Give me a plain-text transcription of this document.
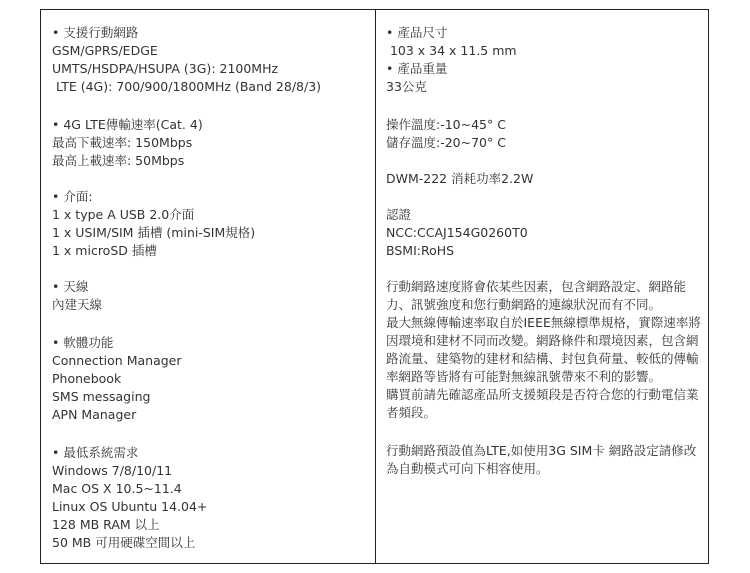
• 支援行動網路
GSM/GPRS/EDGE
UMTS/HSDPA/HSUPA (3G): 2100MHz
LTE (4G): 700/900/1800MHz (Band 28/8/3)
• 4G LTE傳輸速率(Cat. 4)
最高下載速率: 150Mbps
最高上載速率: 50Mbps
• 介面:
1 x type A USB 2.0介面
1 x USIM/SIM 插槽 (mini-SIM規格)
1 x microSD 插槽
• 天線
內建天線
• 軟體功能
Connection Manager
Phonebook
SMS messaging
APN Manager
• 最低系統需求
Windows 7/8/10/11
Mac OS X 10.5~11.4
Linux OS Ubuntu 14.04+
128 MB RAM 以上
50 MB 可用硬碟空間以上
• 產品尺寸
103 x 34 x 11.5 mm
• 產品重量
33公克
操作溫度:-10~45° C
儲存溫度:-20~70° C
DWM-222 消耗功率2.2W
認證
NCC:CCAJ154G0260T0
BSMI:RoHS
行動網路速度將會依某些因素，包含網路設定、網路能
力、訊號強度和您行動網路的連線狀況而有不同。
最大無線傳輸速率取自於IEEE無線標準規格，實際速率將
因環境和建材不同而改變。網路條件和環境因素，包含網
路流量、建築物的建材和結構、封包負荷量、較低的傳輸
率網路等皆將有可能對無線訊號帶來不利的影響。
購買前請先確認產品所支援頻段是否符合您的行動電信業
者頻段。
行動網路預設值為LTE,如使用3G SIM卡 網路設定請修改
為自動模式可向下相容使用。
